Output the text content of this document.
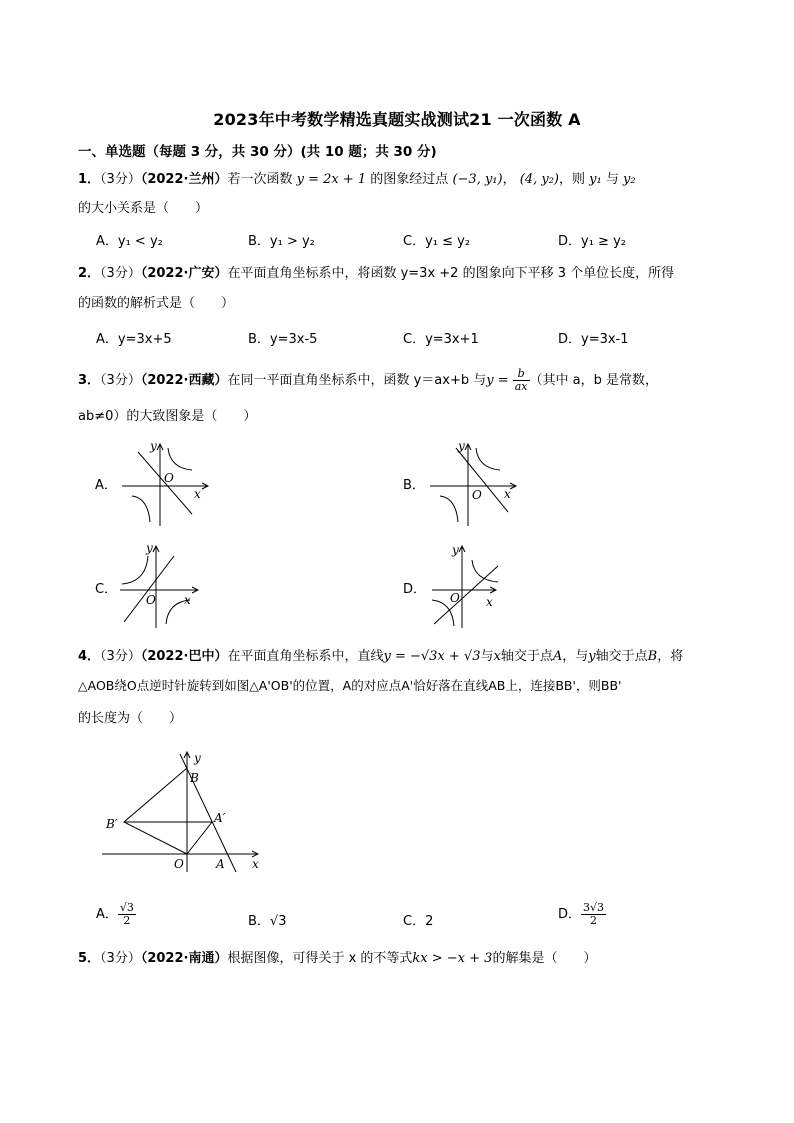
2023年中考数学精选真题实战测试21 一次函数 A
一、单选题（每题 3 分，共 30 分）(共 10 题；共 30 分)
1．（3分）（2022·兰州）若一次函数 y = 2x + 1 的图象经过点 (−3, y₁)， (4, y₂)，则 y₁ 与 y₂
的大小关系是（　　）
A．y₁ < y₂	B．y₁ > y₂	C．y₁ ≤ y₂	D．y₁ ≥ y₂
2．（3分）（2022·广安）在平面直角坐标系中，将函数 y=3x +2 的图象向下平移 3 个单位长度，所得
的函数的解析式是（　　）
A．y=3x+5	B．y=3x-5	C．y=3x+1	D．y=3x-1
3．（3分）（2022·西藏）在同一平面直角坐标系中，函数 y＝ax+b 与$y = \frac{b}{ax}$ （其中 a，b 是常数，
ab≠0）的大致图象是（　　）
A．
y
O
x
B．
y
O x
C．
y
O x
D．
y
O x
4．（3分）（2022·巴中）在平面直角坐标系中，直线y = −√3x + √3与x轴交于点A，与y轴交于点B，将
△AOB绕O点逆时针旋转到如图△A'OB'的位置，A的对应点A'恰好落在直线AB上，连接BB'，则BB'
的长度为（　　）
B
B′	A′
O	A x
y
A． $\frac{√3}{2}$	B．√3	C．2	D． $\frac{3√3}{2}$
5．（3分）（2022·南通）根据图像，可得关于 x 的不等式kx > −x + 3的解集是（　　）
